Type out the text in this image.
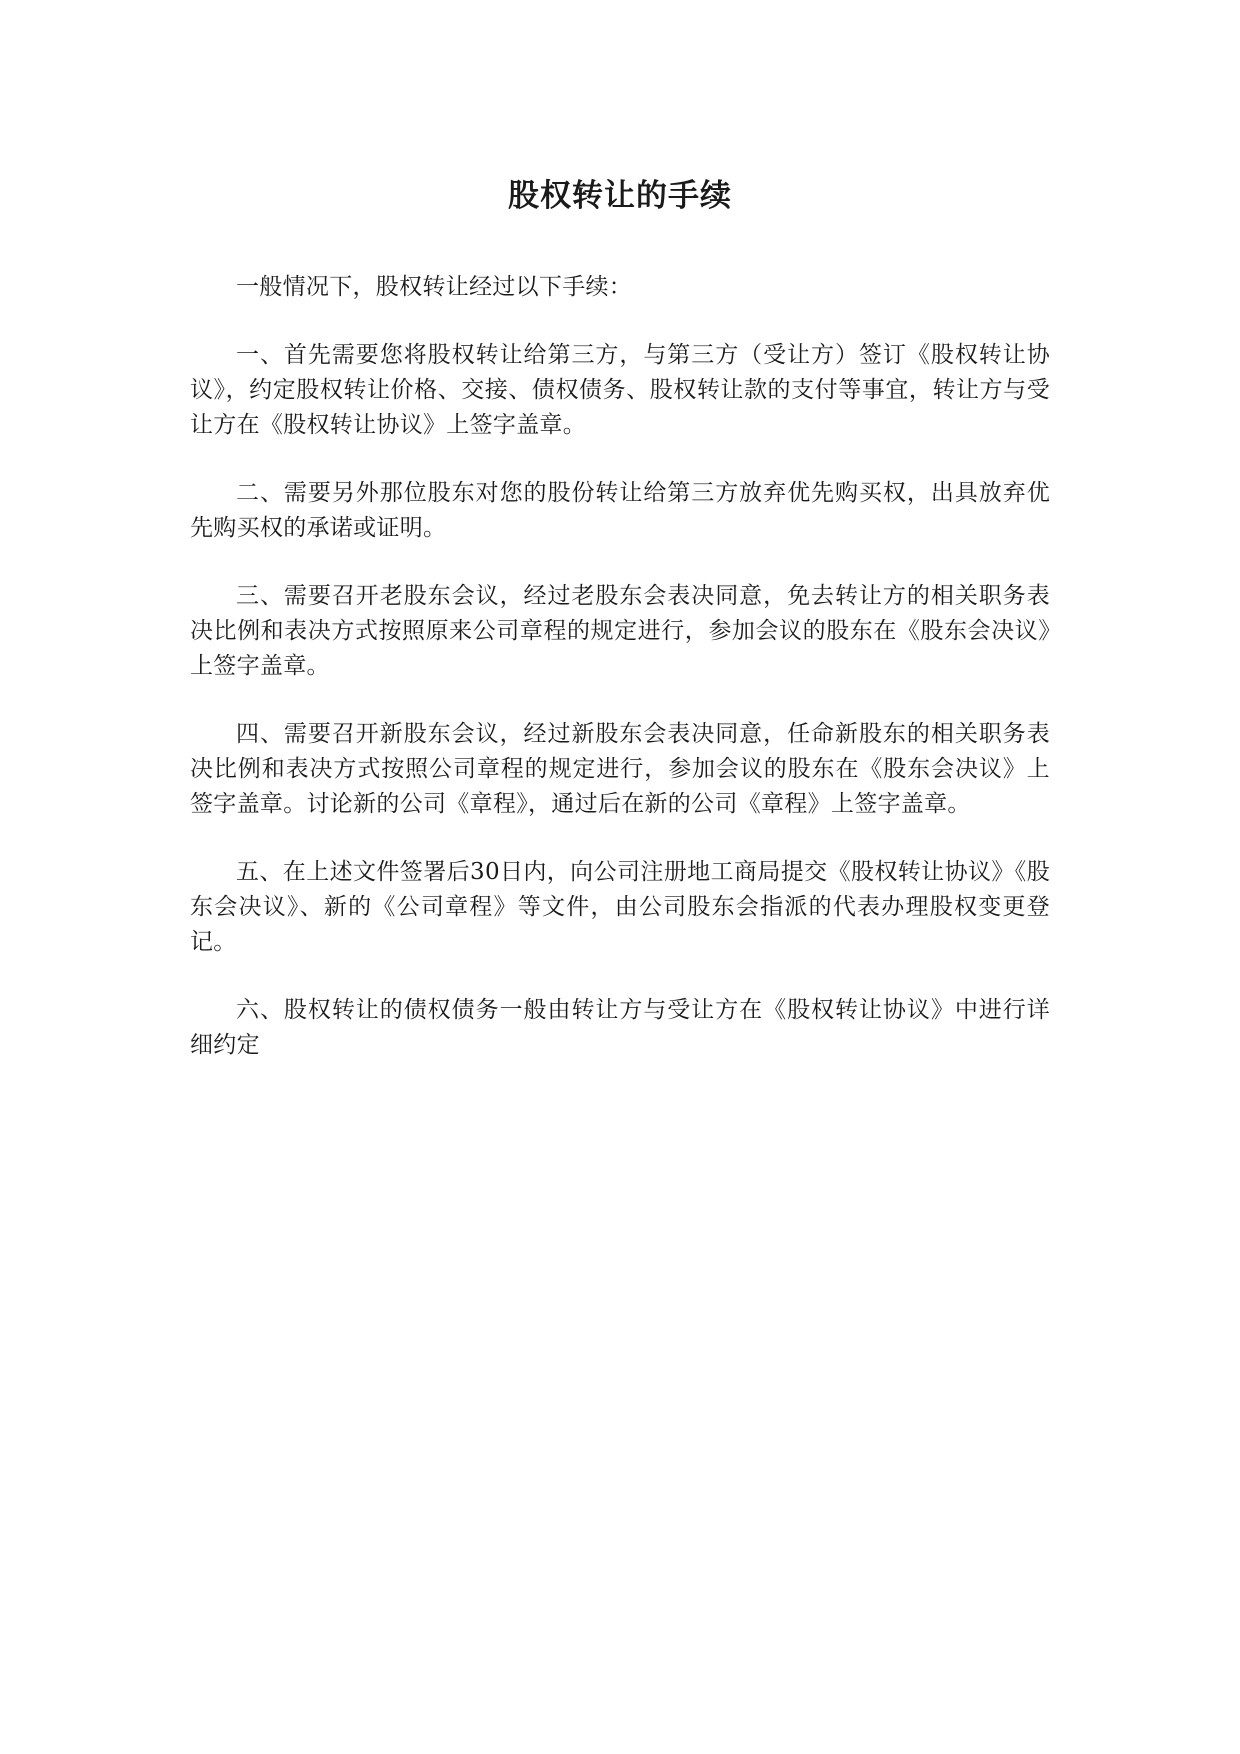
股权转让的手续

一般情况下，股权转让经过以下手续：

一、首先需要您将股权转让给第三方，与第三方（受让方）签订《股权转让协议》，约定股权转让价格、交接、债权债务、股权转让款的支付等事宜，转让方与受让方在《股权转让协议》上签字盖章。

二、需要另外那位股东对您的股份转让给第三方放弃优先购买权，出具放弃优先购买权的承诺或证明。

三、需要召开老股东会议，经过老股东会表决同意，免去转让方的相关职务表决比例和表决方式按照原来公司章程的规定进行，参加会议的股东在《股东会决议》上签字盖章。

四、需要召开新股东会议，经过新股东会表决同意，任命新股东的相关职务表决比例和表决方式按照公司章程的规定进行，参加会议的股东在《股东会决议》上签字盖章。讨论新的公司《章程》，通过后在新的公司《章程》上签字盖章。

五、在上述文件签署后30日内，向公司注册地工商局提交《股权转让协议》《股东会决议》、新的《公司章程》等文件，由公司股东会指派的代表办理股权变更登记。

六、股权转让的债权债务一般由转让方与受让方在《股权转让协议》中进行详细约定
